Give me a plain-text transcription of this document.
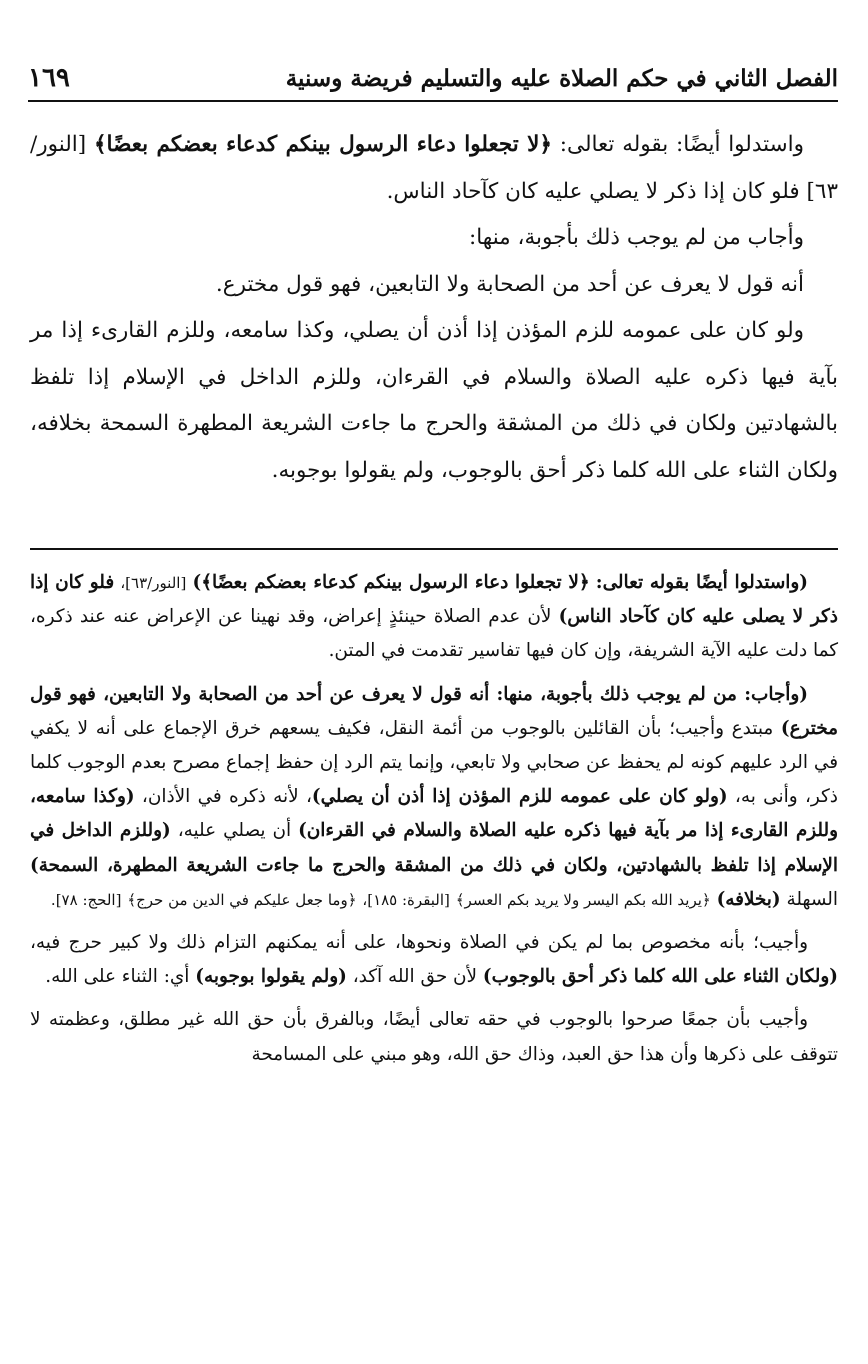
الفصل الثاني في حكم الصلاة عليه والتسليم فريضة وسنية
١٦٩

واستدلوا أيضًا: بقوله تعالى: ﴿لا تجعلوا دعاء الرسول بينكم كدعاء بعضكم بعضًا﴾ [النور/٦٣] فلو كان إذا ذكر لا يصلي عليه كان كآحاد الناس.

وأجاب من لم يوجب ذلك بأجوبة، منها:

أنه قول لا يعرف عن أحد من الصحابة ولا التابعين، فهو قول مخترع.

ولو كان على عمومه للزم المؤذن إذا أذن أن يصلي، وكذا سامعه، وللزم القارىء إذا مر بآية فيها ذكره عليه الصلاة والسلام في القرءان، وللزم الداخل في الإسلام إذا تلفظ بالشهادتين ولكان في ذلك من المشقة والحرج ما جاءت الشريعة المطهرة السمحة بخلافه، ولكان الثناء على الله كلما ذكر أحق بالوجوب، ولم يقولوا بوجوبه.

(واستدلوا أيضًا بقوله تعالى: ﴿لا تجعلوا دعاء الرسول بينكم كدعاء بعضكم بعضًا﴾) [النور/٦٣]، فلو كان إذا ذكر لا يصلى عليه كان كآحاد الناس) لأن عدم الصلاة حينئذٍ إعراض، وقد نهينا عن الإعراض عنه عند ذكره، كما دلت عليه الآية الشريفة، وإن كان فيها تفاسير تقدمت في المتن.

(وأجاب: من لم يوجب ذلك بأجوبة، منها: أنه قول لا يعرف عن أحد من الصحابة ولا التابعين، فهو قول مخترع) مبتدع وأجيب؛ بأن القائلين بالوجوب من أئمة النقل، فكيف يسعهم خرق الإجماع على أنه لا يكفي في الرد عليهم كونه لم يحفظ عن صحابي ولا تابعي، وإنما يتم الرد إن حفظ إجماع مصرح بعدم الوجوب كلما ذكر، وأنى به، (ولو كان على عمومه للزم المؤذن إذا أذن أن يصلي)، لأنه ذكره في الأذان، (وكذا سامعه، وللزم القارىء إذا مر بآية فيها ذكره عليه الصلاة والسلام في القرءان) أن يصلي عليه، (وللزم الداخل في الإسلام إذا تلفظ بالشهادتين، ولكان في ذلك من المشقة والحرج ما جاءت الشريعة المطهرة، السمحة) السهلة (بخلافه) ﴿يريد الله بكم اليسر ولا يريد بكم العسر﴾ [البقرة: ١٨٥]، ﴿وما جعل عليكم في الدين من حرج﴾ [الحج: ٧٨].

وأجيب؛ بأنه مخصوص بما لم يكن في الصلاة ونحوها، على أنه يمكنهم التزام ذلك ولا كبير حرج فيه، (ولكان الثناء على الله كلما ذكر أحق بالوجوب) لأن حق الله آكد، (ولم يقولوا بوجوبه) أي: الثناء على الله.

وأجيب بأن جمعًا صرحوا بالوجوب في حقه تعالى أيضًا، وبالفرق بأن حق الله غير مطلق، وعظمته لا تتوقف على ذكرها وأن هذا حق العبد، وذاك حق الله، وهو مبني على المسامحة
